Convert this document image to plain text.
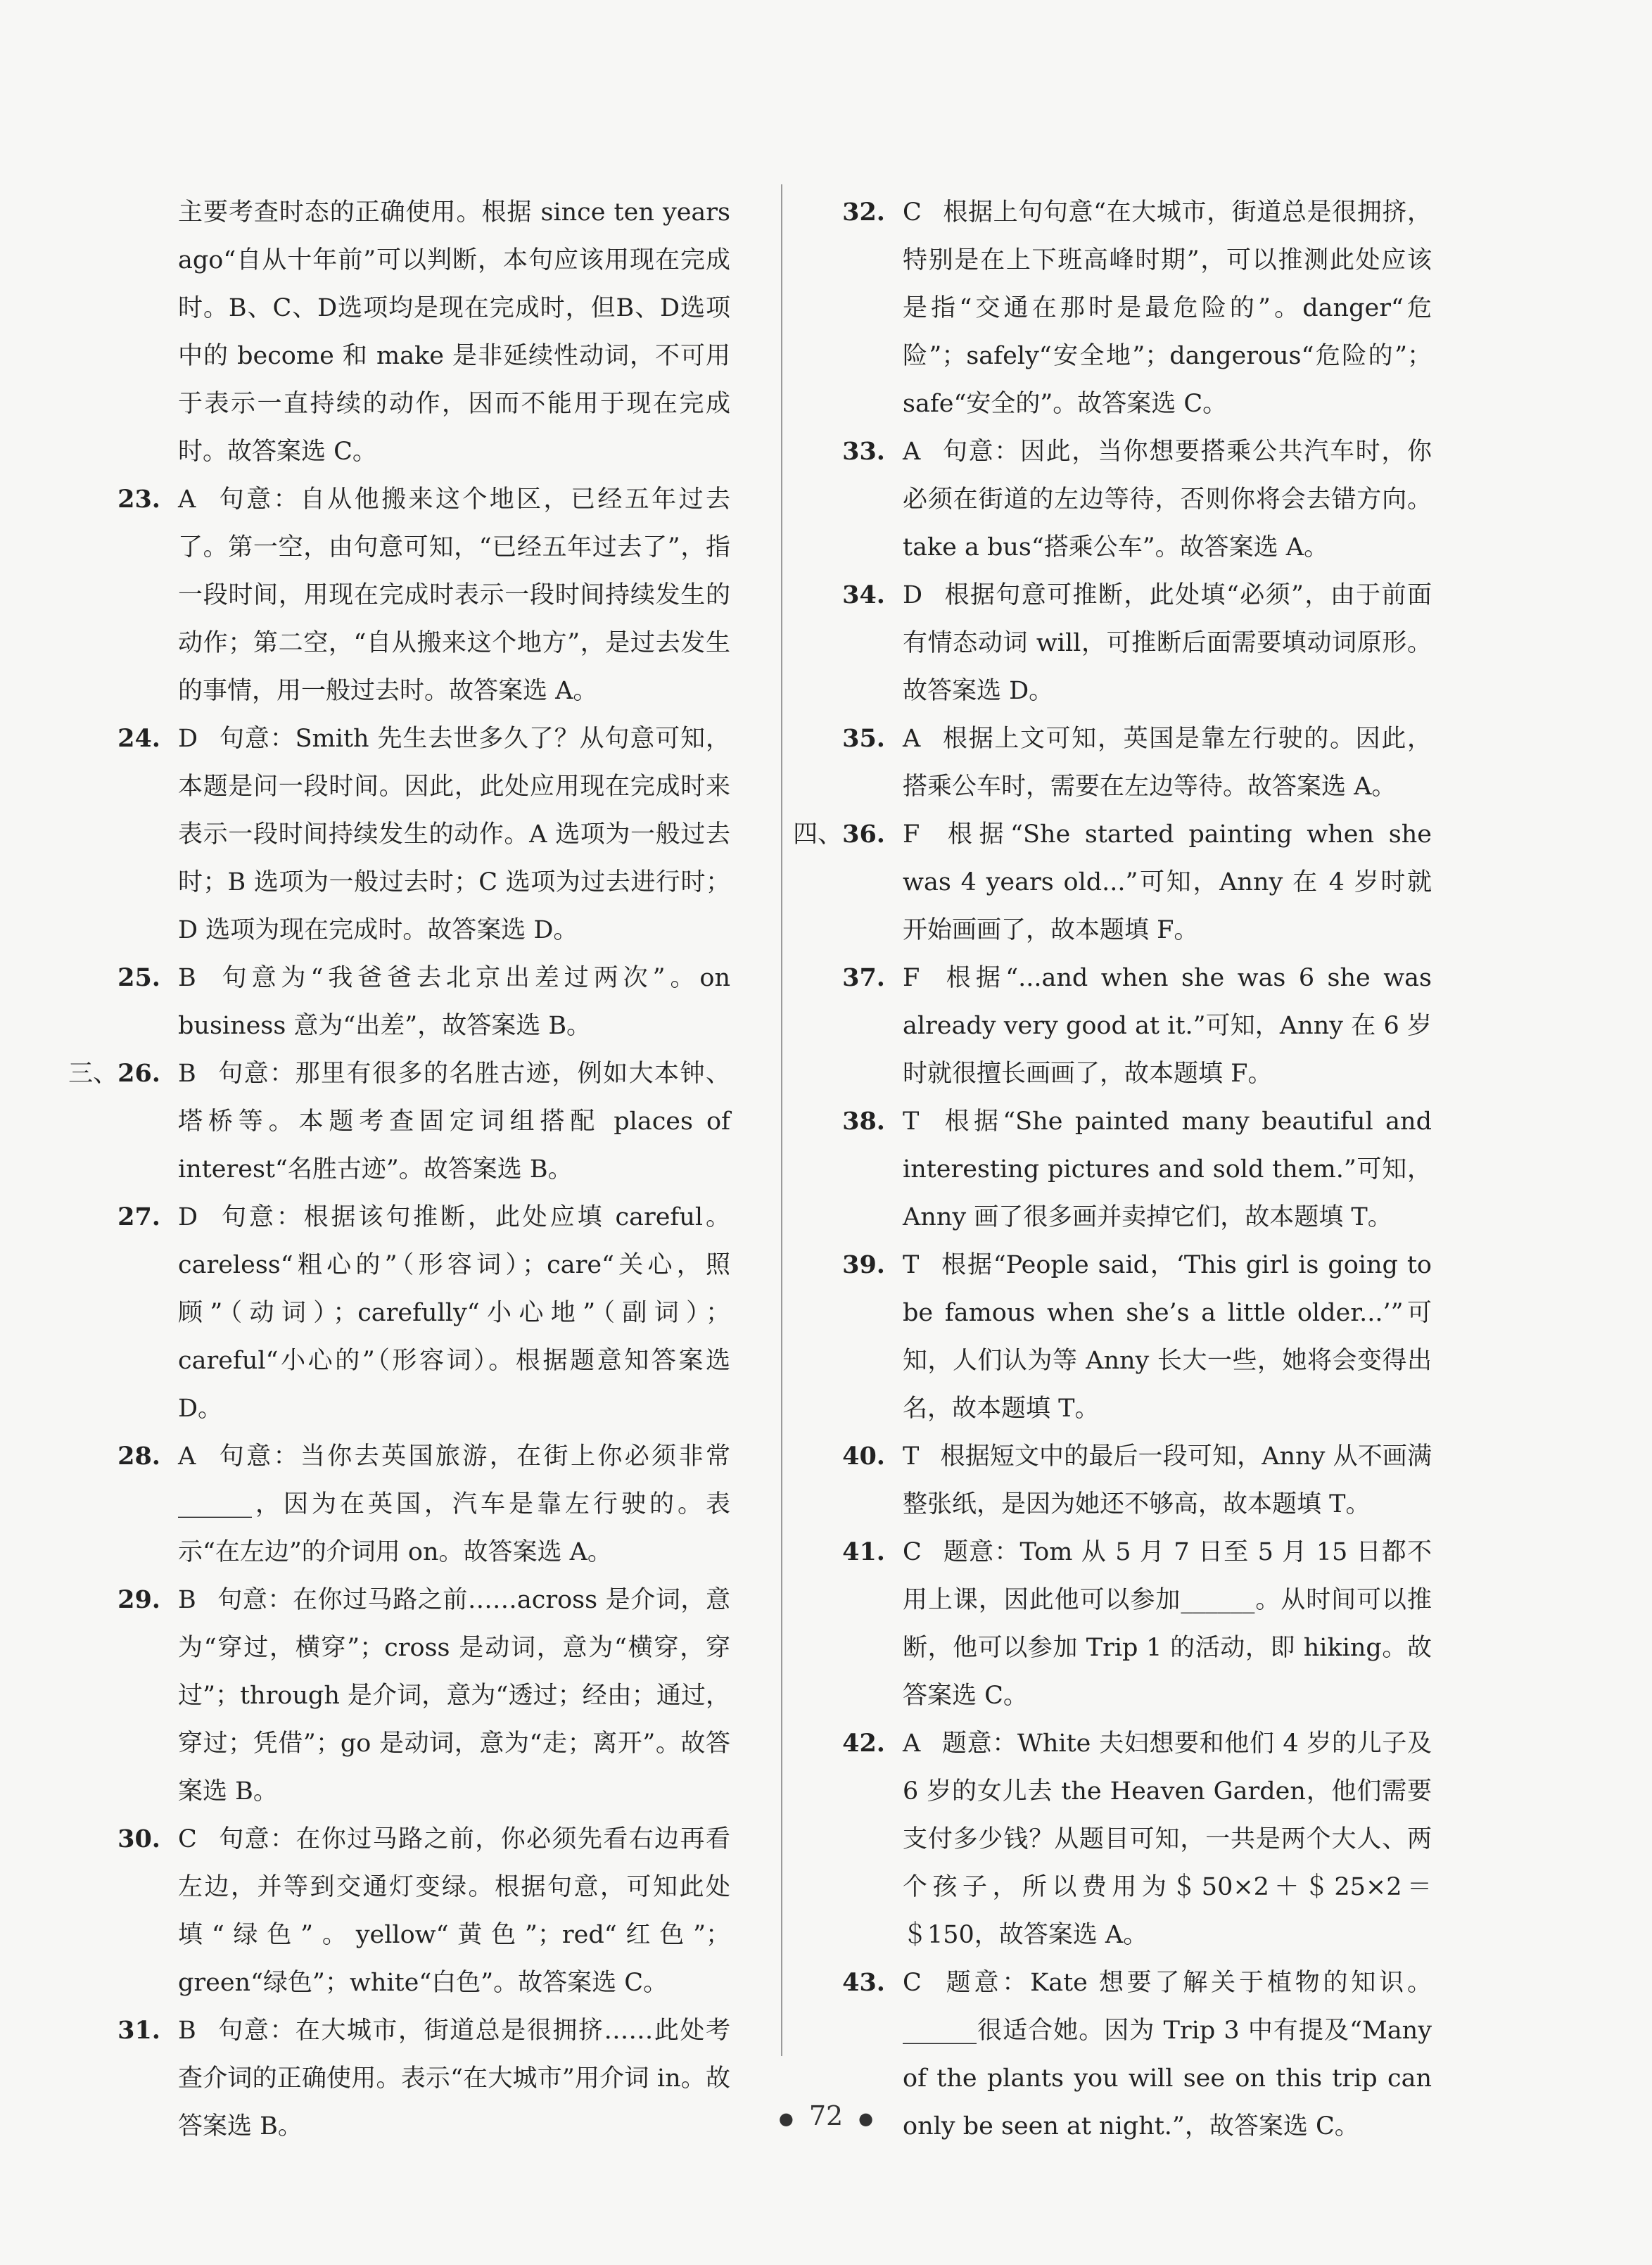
主要考查时态的正确使用。根据 since ten years ago“自从十年前”可以判断，本句应该用现在完成时。B、C、D选项均是现在完成时，但B、D选项中的 become 和 make 是非延续性动词，不可用于表示一直持续的动作，因而不能用于现在完成时。故答案选 C。

23. A 句意：自从他搬来这个地区，已经五年过去了。第一空，由句意可知，“已经五年过去了”，指一段时间，用现在完成时表示一段时间持续发生的动作；第二空，“自从搬来这个地方”，是过去发生的事情，用一般过去时。故答案选 A。

24. D 句意：Smith 先生去世多久了？从句意可知，本题是问一段时间。因此，此处应用现在完成时来表示一段时间持续发生的动作。A 选项为一般过去时；B 选项为一般过去时；C 选项为过去进行时；D 选项为现在完成时。故答案选 D。

25. B 句意为“我爸爸去北京出差过两次”。on business 意为“出差”，故答案选 B。

三、26. B 句意：那里有很多的名胜古迹，例如大本钟、塔桥等。本题考查固定词组搭配 places of interest“名胜古迹”。故答案选 B。

27. D 句意：根据该句推断，此处应填 careful。careless“粗心的”（形容词）；care“关心，照顾”（动词）；carefully“小心地”（副词）；careful“小心的”（形容词）。根据题意知答案选 D。

28. A 句意：当你去英国旅游，在街上你必须非常______，因为在英国，汽车是靠左行驶的。表示“在左边”的介词用 on。故答案选 A。

29. B 句意：在你过马路之前……across 是介词，意为“穿过，横穿”；cross 是动词，意为“横穿，穿过”；through 是介词，意为“透过；经由；通过，穿过；凭借”；go 是动词，意为“走；离开”。故答案选 B。

30. C 句意：在你过马路之前，你必须先看右边再看左边，并等到交通灯变绿。根据句意，可知此处填“绿色”。yellow“黄色”；red“红色”；green“绿色”；white“白色”。故答案选 C。

31. B 句意：在大城市，街道总是很拥挤……此处考查介词的正确使用。表示“在大城市”用介词 in。故答案选 B。

32. C 根据上句句意“在大城市，街道总是很拥挤，特别是在上下班高峰时期”，可以推测此处应该是指“交通在那时是最危险的”。danger“危险”；safely“安全地”；dangerous“危险的”；safe“安全的”。故答案选 C。

33. A 句意：因此，当你想要搭乘公共汽车时，你必须在街道的左边等待，否则你将会去错方向。take a bus“搭乘公车”。故答案选 A。

34. D 根据句意可推断，此处填“必须”，由于前面有情态动词 will，可推断后面需要填动词原形。故答案选 D。

35. A 根据上文可知，英国是靠左行驶的。因此，搭乘公车时，需要在左边等待。故答案选 A。

四、36. F 根据“She started painting when she was 4 years old...”可知，Anny 在 4 岁时就开始画画了，故本题填 F。

37. F 根据“...and when she was 6 she was already very good at it.”可知，Anny 在 6 岁时就很擅长画画了，故本题填 F。

38. T 根据“She painted many beautiful and interesting pictures and sold them.”可知，Anny 画了很多画并卖掉它们，故本题填 T。

39. T 根据“People said，‘This girl is going to be famous when she’s a little older...’”可知，人们认为等 Anny 长大一些，她将会变得出名，故本题填 T。

40. T 根据短文中的最后一段可知，Anny 从不画满整张纸，是因为她还不够高，故本题填 T。

41. C 题意：Tom 从 5 月 7 日至 5 月 15 日都不用上课，因此他可以参加______。从时间可以推断，他可以参加 Trip 1 的活动，即 hiking。故答案选 C。

42. A 题意：White 夫妇想要和他们 4 岁的儿子及 6 岁的女儿去 the Heaven Garden，他们需要支付多少钱？从题目可知，一共是两个大人、两个孩子，所以费用为＄50×2＋＄25×2＝＄150，故答案选 A。

43. C 题意：Kate 想要了解关于植物的知识。______很适合她。因为 Trip 3 中有提及“Many of the plants you will see on this trip can only be seen at night.”，故答案选 C。

● 72 ●
